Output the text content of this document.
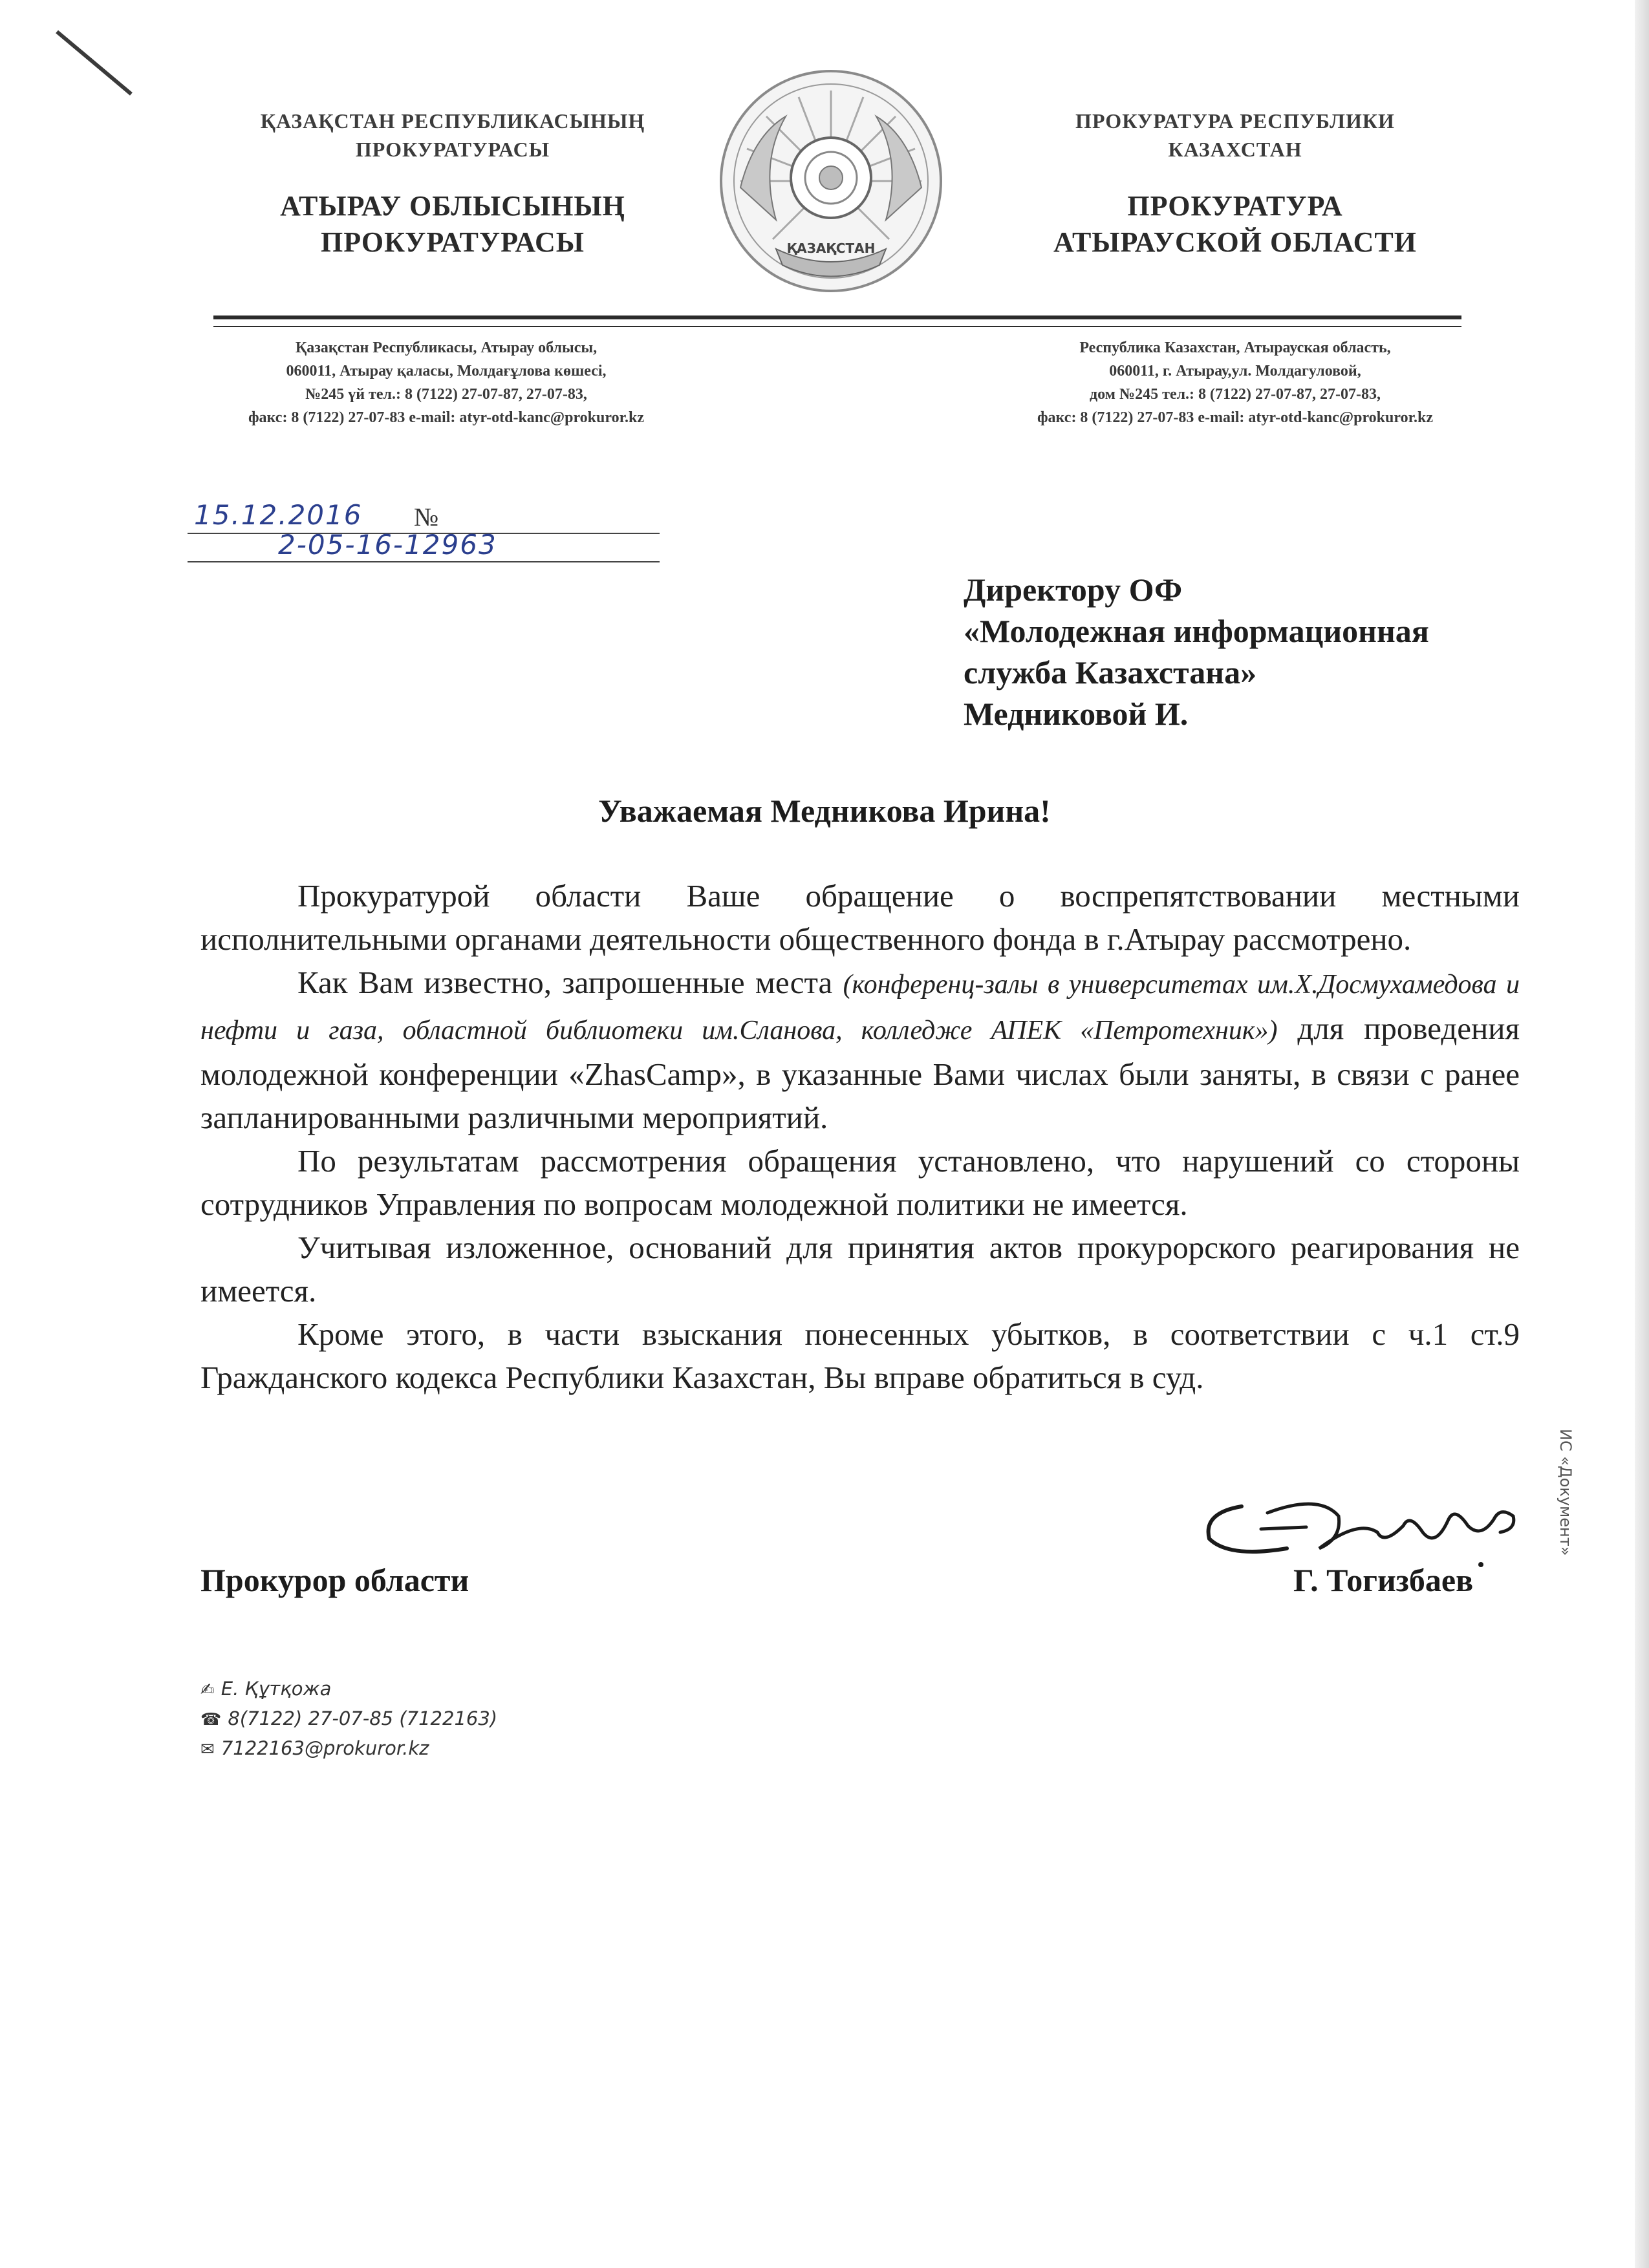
ҚАЗАҚСТАН РЕСПУБЛИКАСЫНЫҢ
ПРОКУРАТУРАСЫ
АТЫРАУ ОБЛЫСЫНЫҢ
ПРОКУРАТУРАСЫ	ҚАЗАҚСТАН
ПРОКУРАТУРА РЕСПУБЛИКИ
КАЗАХСТАН
ПРОКУРАТУРА
АТЫРАУСКОЙ ОБЛАСТИ
Қазақстан Республикасы, Атырау облысы,
060011, Атырау қаласы, Молдағұлова көшесі,
№245 үй тел.: 8 (7122) 27-07-87, 27-07-83,
факс: 8 (7122) 27-07-83 e-mail: atyr-otd-kanc@prokuror.kz
Республика Казахстан, Атырауская область,
060011, г. Атырау,ул. Молдагуловой,
дом №245 тел.: 8 (7122) 27-07-87, 27-07-83,
факс: 8 (7122) 27-07-83 e-mail: atyr-otd-kanc@prokuror.kz
15.12.2016 №
2-05-16-12963
Директору ОФ
«Молодежная информационная
служба Казахстана»
Медниковой И.
Уважаемая Медникова Ирина!

Прокуратурой области Ваше обращение о воспрепятствовании местными исполнительными органами деятельности общественного фонда в г.Атырау рассмотрено.

Как Вам известно, запрошенные места (конференц-залы в университетах им.Х.Досмухамедова и нефти и газа, областной библиотеки им.Сланова, колледже АПЕК «Петротехник») для проведения молодежной конференции «ZhasCamp», в указанные Вами числах были заняты, в связи с ранее запланированными различными мероприятий.

По результатам рассмотрения обращения установлено, что нарушений со стороны сотрудников Управления по вопросам молодежной политики не имеется.

Учитывая изложенное, оснований для принятия актов прокурорского реагирования не имеется.

Кроме этого, в части взыскания понесенных убытков, в соответствии с ч.1 ст.9 Гражданского кодекса Республики Казахстан, Вы вправе обратиться в суд.

Прокурор области	Г. Тогизбаев
✍ Е. Құтқожа
☎ 8(7122) 27-07-85 (7122163)
✉ 7122163@prokuror.kz
ИС «Документ»
